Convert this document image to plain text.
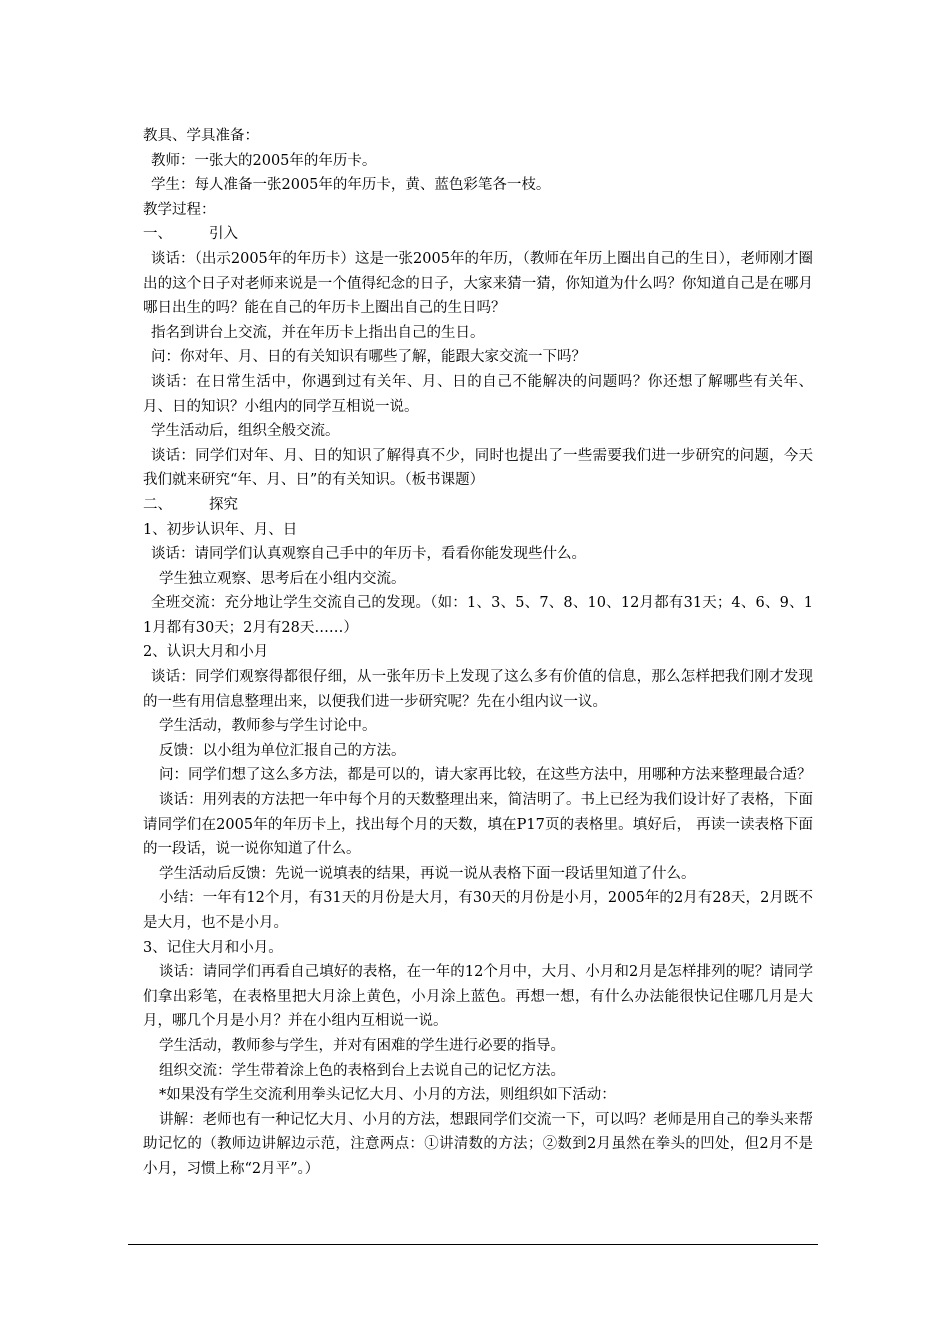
教具、学具准备：

教师：一张大的2005年的年历卡。

学生：每人准备一张2005年的年历卡，黄、蓝色彩笔各一枝。

教学过程：

一、	引入

谈话：（出示2005年的年历卡）这是一张2005年的年历，（教师在年历上圈出自己的生日），老师刚才圈出的这个日子对老师来说是一个值得纪念的日子，大家来猜一猜，你知道为什么吗？你知道自己是在哪月哪日出生的吗？能在自己的年历卡上圈出自己的生日吗？

指名到讲台上交流，并在年历卡上指出自己的生日。

问：你对年、月、日的有关知识有哪些了解，能跟大家交流一下吗？

谈话：在日常生活中，你遇到过有关年、月、日的自己不能解决的问题吗？你还想了解哪些有关年、月、日的知识？小组内的同学互相说一说。

学生活动后，组织全般交流。

谈话：同学们对年、月、日的知识了解得真不少，同时也提出了一些需要我们进一步研究的问题，今天我们就来研究“年、月、日”的有关知识。（板书课题）

二、	探究

1、初步认识年、月、日

谈话：请同学们认真观察自己手中的年历卡，看看你能发现些什么。

学生独立观察、思考后在小组内交流。

全班交流：充分地让学生交流自己的发现。（如：1、3、5、7、8、10、12月都有31天；4、6、9、11月都有30天；2月有28天……）

2、认识大月和小月

谈话：同学们观察得都很仔细，从一张年历卡上发现了这么多有价值的信息，那么怎样把我们刚才发现的一些有用信息整理出来，以便我们进一步研究呢？先在小组内议一议。

学生活动，教师参与学生讨论中。

反馈：以小组为单位汇报自己的方法。

问：同学们想了这么多方法，都是可以的，请大家再比较，在这些方法中，用哪种方法来整理最合适？

谈话：用列表的方法把一年中每个月的天数整理出来，简洁明了。书上已经为我们设计好了表格，下面请同学们在2005年的年历卡上，找出每个月的天数，填在P17页的表格里。填好后， 再读一读表格下面的一段话，说一说你知道了什么。

学生活动后反馈：先说一说填表的结果，再说一说从表格下面一段话里知道了什么。

小结：一年有12个月，有31天的月份是大月，有30天的月份是小月，2005年的2月有28天，2月既不是大月，也不是小月。

3、记住大月和小月。

谈话：请同学们再看自己填好的表格，在一年的12个月中，大月、小月和2月是怎样排列的呢？请同学们拿出彩笔，在表格里把大月涂上黄色，小月涂上蓝色。再想一想，有什么办法能很快记住哪几月是大月，哪几个月是小月？并在小组内互相说一说。

学生活动，教师参与学生，并对有困难的学生进行必要的指导。

组织交流：学生带着涂上色的表格到台上去说自己的记忆方法。

*如果没有学生交流利用拳头记忆大月、小月的方法，则组织如下活动：

讲解：老师也有一种记忆大月、小月的方法，想跟同学们交流一下，可以吗？老师是用自己的拳头来帮助记忆的（教师边讲解边示范，注意两点：①讲清数的方法；②数到2月虽然在拳头的凹处，但2月不是小月，习惯上称“2月平”。）
